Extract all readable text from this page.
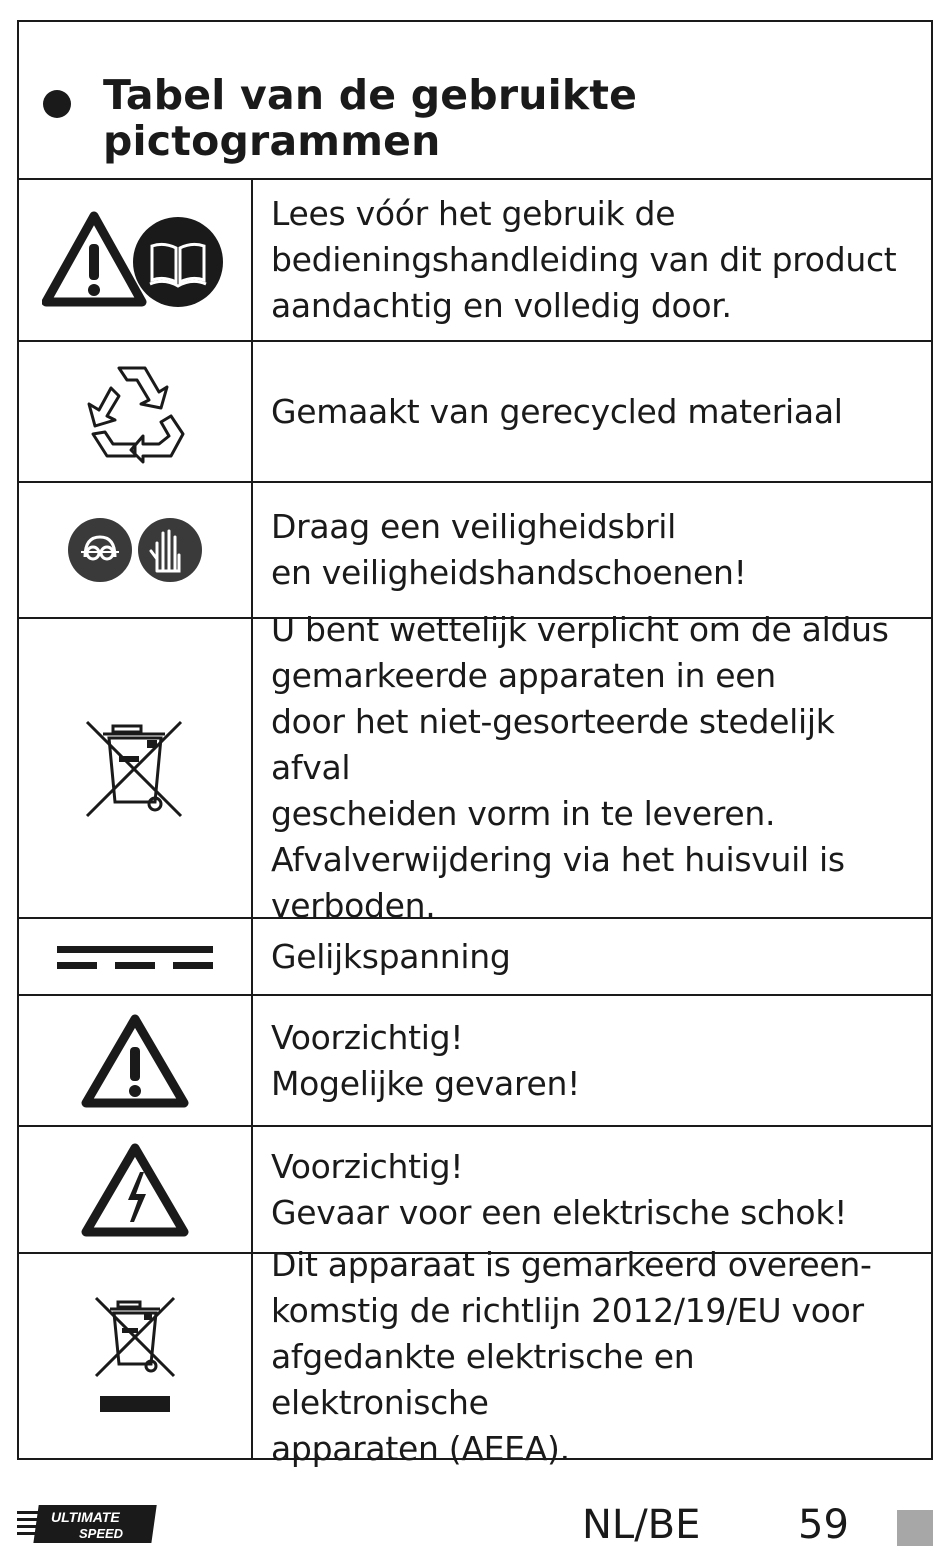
Tabel van de gebruikte pictogrammen
Lees vóór het gebruik de
bedieningshandleiding van dit product
aandachtig en volledig door.
Gemaakt van gerecycled materiaal
Draag een veiligheidsbril
en veiligheidshandschoenen!
U bent wettelijk verplicht om de aldus
gemarkeerde apparaten in een
door het niet-gesorteerde stedelijk afval
gescheiden vorm in te leveren.
Afvalverwijdering via het huisvuil is
verboden.
Gelijkspanning
Voorzichtig!
Mogelijke gevaren!
Voorzichtig!
Gevaar voor een elektrische schok!
Dit apparaat is gemarkeerd overeen-
komstig de richtlijn 2012/19/EU voor
afgedankte elektrische en elektronische
apparaten (AEEA).
ULTIMATE
SPEED	NL/BE 59
